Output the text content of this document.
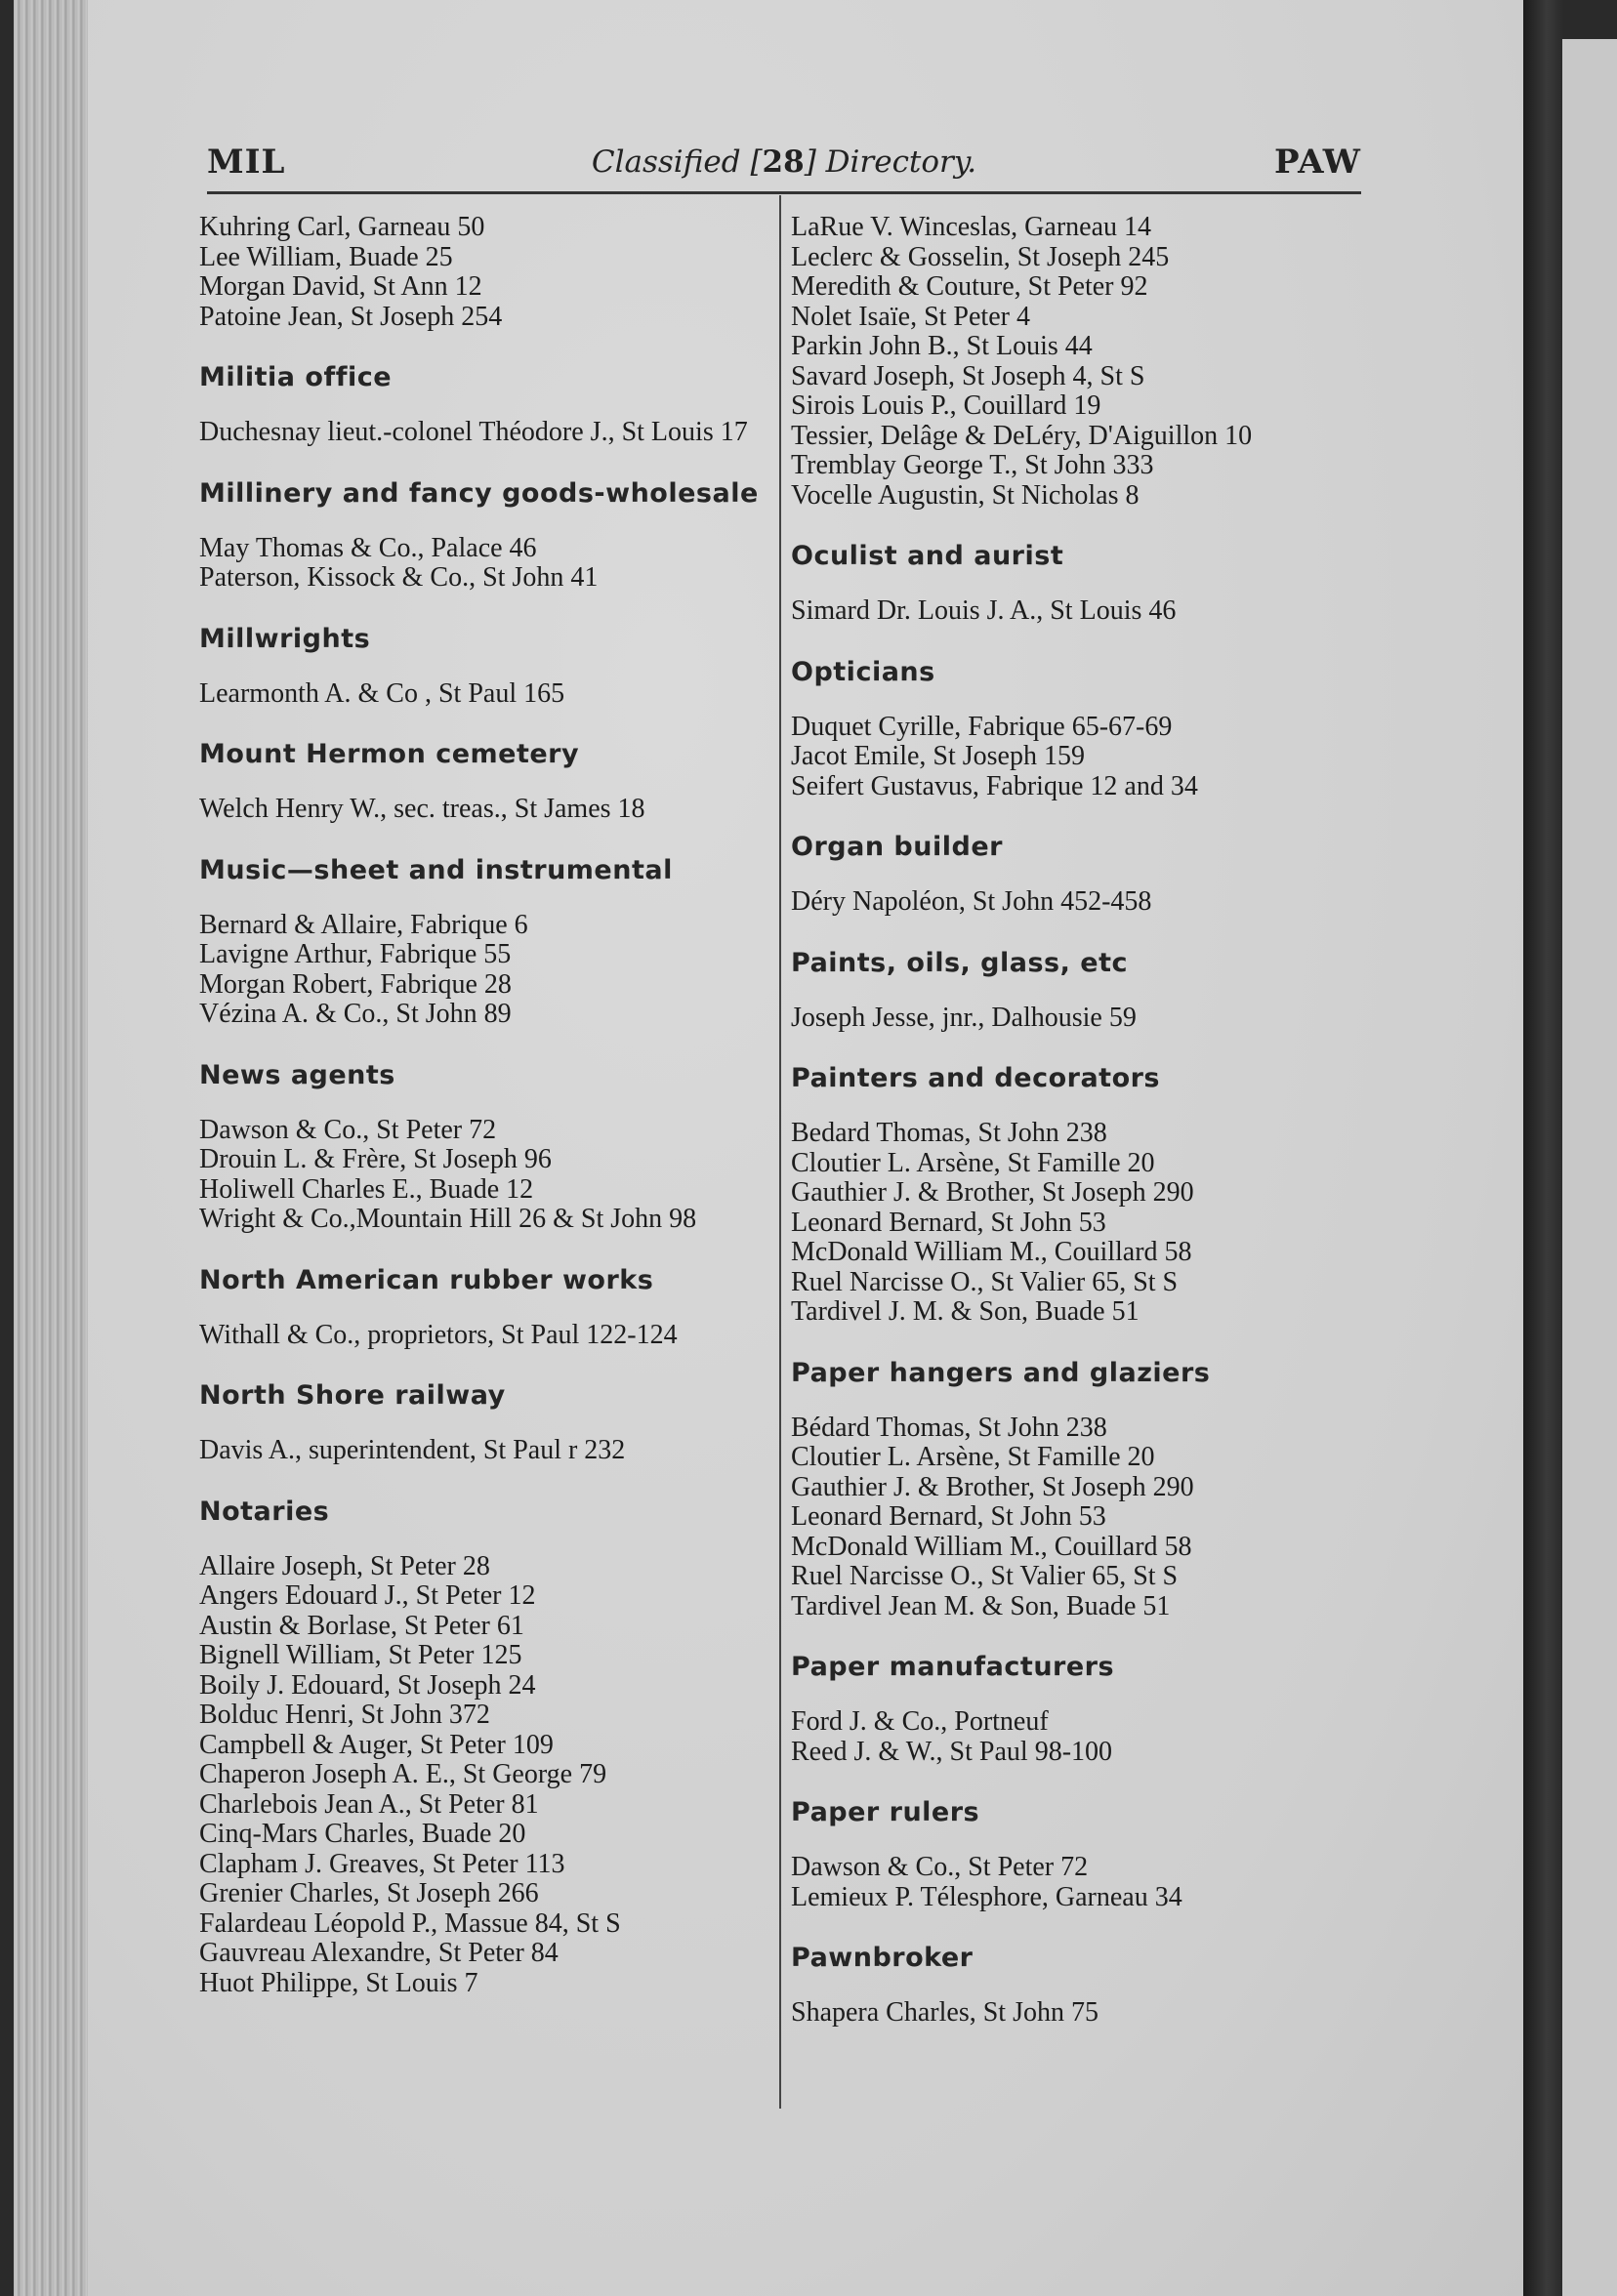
MIL	Classified [28] Directory.	PAW
Kuhring Carl, Garneau 50
Lee William, Buade 25
Morgan David, St Ann 12
Patoine Jean, St Joseph 254
Militia office
Duchesnay lieut.-colonel Théodore J., St Louis 17
Millinery and fancy goods-wholesale
May Thomas & Co., Palace 46
Paterson, Kissock & Co., St John 41
Millwrights
Learmonth A. & Co , St Paul 165
Mount Hermon cemetery
Welch Henry W., sec. treas., St James 18
Music—sheet and instrumental
Bernard & Allaire, Fabrique 6
Lavigne Arthur, Fabrique 55
Morgan Robert, Fabrique 28
Vézina A. & Co., St John 89
News agents
Dawson & Co., St Peter 72
Drouin L. & Frère, St Joseph 96
Holiwell Charles E., Buade 12
Wright & Co.,Mountain Hill 26 & St John 98
North American rubber works
Withall & Co., proprietors, St Paul 122-124
North Shore railway
Davis A., superintendent, St Paul r 232
Notaries
Allaire Joseph, St Peter 28
Angers Edouard J., St Peter 12
Austin & Borlase, St Peter 61
Bignell William, St Peter 125
Boily J. Edouard, St Joseph 24
Bolduc Henri, St John 372
Campbell & Auger, St Peter 109
Chaperon Joseph A. E., St George 79
Charlebois Jean A., St Peter 81
Cinq-Mars Charles, Buade 20
Clapham J. Greaves, St Peter 113
Grenier Charles, St Joseph 266
Falardeau Léopold P., Massue 84, St S
Gauvreau Alexandre, St Peter 84
Huot Philippe, St Louis 7
LaRue V. Winceslas, Garneau 14
Leclerc & Gosselin, St Joseph 245
Meredith & Couture, St Peter 92
Nolet Isaïe, St Peter 4
Parkin John B., St Louis 44
Savard Joseph, St Joseph 4, St S
Sirois Louis P., Couillard 19
Tessier, Delâge & DeLéry, D'Aiguillon 10
Tremblay George T., St John 333
Vocelle Augustin, St Nicholas 8
Oculist and aurist
Simard Dr. Louis J. A., St Louis 46
Opticians
Duquet Cyrille, Fabrique 65-67-69
Jacot Emile, St Joseph 159
Seifert Gustavus, Fabrique 12 and 34
Organ builder
Déry Napoléon, St John 452-458
Paints, oils, glass, etc
Joseph Jesse, jnr., Dalhousie 59
Painters and decorators
Bedard Thomas, St John 238
Cloutier L. Arsène, St Famille 20
Gauthier J. & Brother, St Joseph 290
Leonard Bernard, St John 53
McDonald William M., Couillard 58
Ruel Narcisse O., St Valier 65, St S
Tardivel J. M. & Son, Buade 51
Paper hangers and glaziers
Bédard Thomas, St John 238
Cloutier L. Arsène, St Famille 20
Gauthier J. & Brother, St Joseph 290
Leonard Bernard, St John 53
McDonald William M., Couillard 58
Ruel Narcisse O., St Valier 65, St S
Tardivel Jean M. & Son, Buade 51
Paper manufacturers
Ford J. & Co., Portneuf
Reed J. & W., St Paul 98-100
Paper rulers
Dawson & Co., St Peter 72
Lemieux P. Télesphore, Garneau 34
Pawnbroker
Shapera Charles, St John 75
